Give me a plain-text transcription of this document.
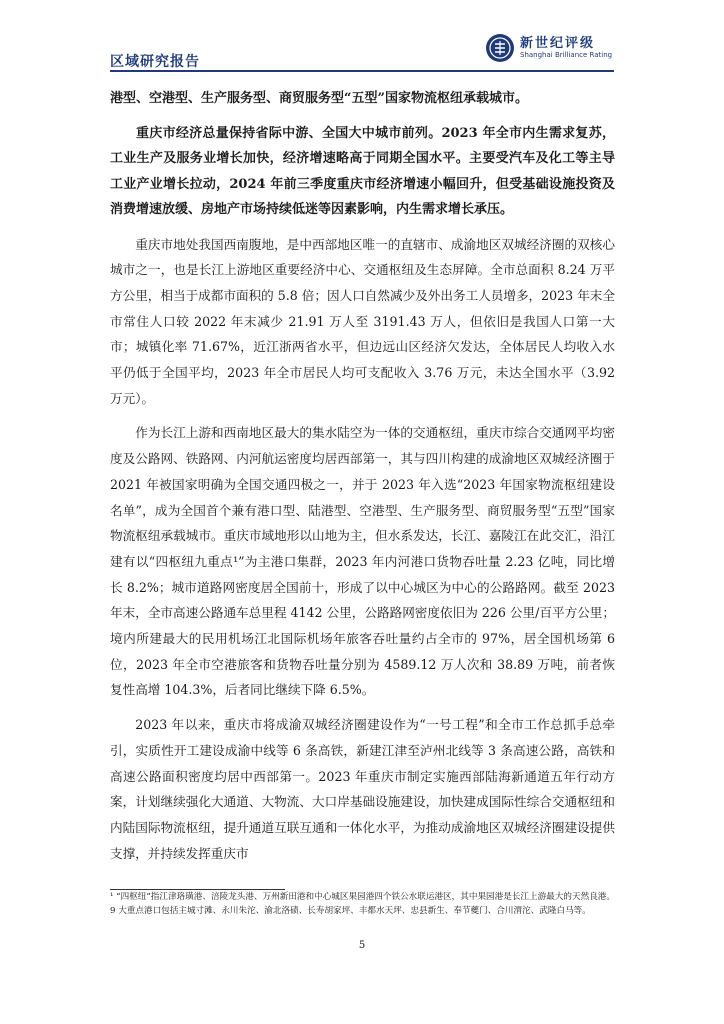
区域研究报告
新世纪评级
Shanghai Brilliance Rating

港型、空港型、生产服务型、商贸服务型“五型”国家物流枢纽承载城市。

重庆市经济总量保持省际中游、全国大中城市前列。2023 年全市内生需求复苏，工业生产及服务业增长加快，经济增速略高于同期全国水平。主要受汽车及化工等主导工业产业增长拉动，2024 年前三季度重庆市经济增速小幅回升，但受基础设施投资及消费增速放缓、房地产市场持续低迷等因素影响，内生需求增长承压。

重庆市地处我国西南腹地，是中西部地区唯一的直辖市、成渝地区双城经济圈的双核心城市之一，也是长江上游地区重要经济中心、交通枢纽及生态屏障。全市总面积 8.24 万平方公里，相当于成都市面积的 5.8 倍；因人口自然减少及外出务工人员增多，2023 年末全市常住人口较 2022 年末减少 21.91 万人至 3191.43 万人，但依旧是我国人口第一大市；城镇化率 71.67%，近江浙两省水平，但边远山区经济欠发达，全体居民人均收入水平仍低于全国平均，2023 年全市居民人均可支配收入 3.76 万元，未达全国水平（3.92 万元）。

作为长江上游和西南地区最大的集水陆空为一体的交通枢纽，重庆市综合交通网平均密度及公路网、铁路网、内河航运密度均居西部第一，其与四川构建的成渝地区双城经济圈于 2021 年被国家明确为全国交通四极之一，并于 2023 年入选“2023 年国家物流枢纽建设名单”，成为全国首个兼有港口型、陆港型、空港型、生产服务型、商贸服务型“五型”国家物流枢纽承载城市。重庆市域地形以山地为主，但水系发达，长江、嘉陵江在此交汇，沿江建有以“四枢纽九重点¹”为主港口集群，2023 年内河港口货物吞吐量 2.23 亿吨，同比增长 8.2%；城市道路网密度居全国前十，形成了以中心城区为中心的公路路网。截至 2023 年末，全市高速公路通车总里程 4142 公里，公路路网密度依旧为 226 公里/百平方公里；境内所建最大的民用机场江北国际机场年旅客吞吐量约占全市的 97%，居全国机场第 6 位，2023 年全市空港旅客和货物吞吐量分别为 4589.12 万人次和 38.89 万吨，前者恢复性高增 104.3%，后者同比继续下降 6.5%。

2023 年以来，重庆市将成渝双城经济圈建设作为“一号工程”和全市工作总抓手总牵引，实质性开工建设成渝中线等 6 条高铁，新建江津至泸州北线等 3 条高速公路，高铁和高速公路面积密度均居中西部第一。2023 年重庆市制定实施西部陆海新通道五年行动方案，计划继续强化大通道、大物流、大口岸基础设施建设，加快建成国际性综合交通枢纽和内陆国际物流枢纽，提升通道互联互通和一体化水平，为推动成渝地区双城经济圈建设提供支撑，并持续发挥重庆市

¹ “四枢纽”指江津珞璜港、涪陵龙头港、万州新田港和中心城区果园港四个铁公水联运港区，其中果园港是长江上游最大的天然良港。9 大重点港口包括主城寸滩、永川朱沱、渝北洛碛、长寿胡家坪、丰都水天坪、忠县新生、奉节夔门、合川渭沱、武隆白马等。

5
